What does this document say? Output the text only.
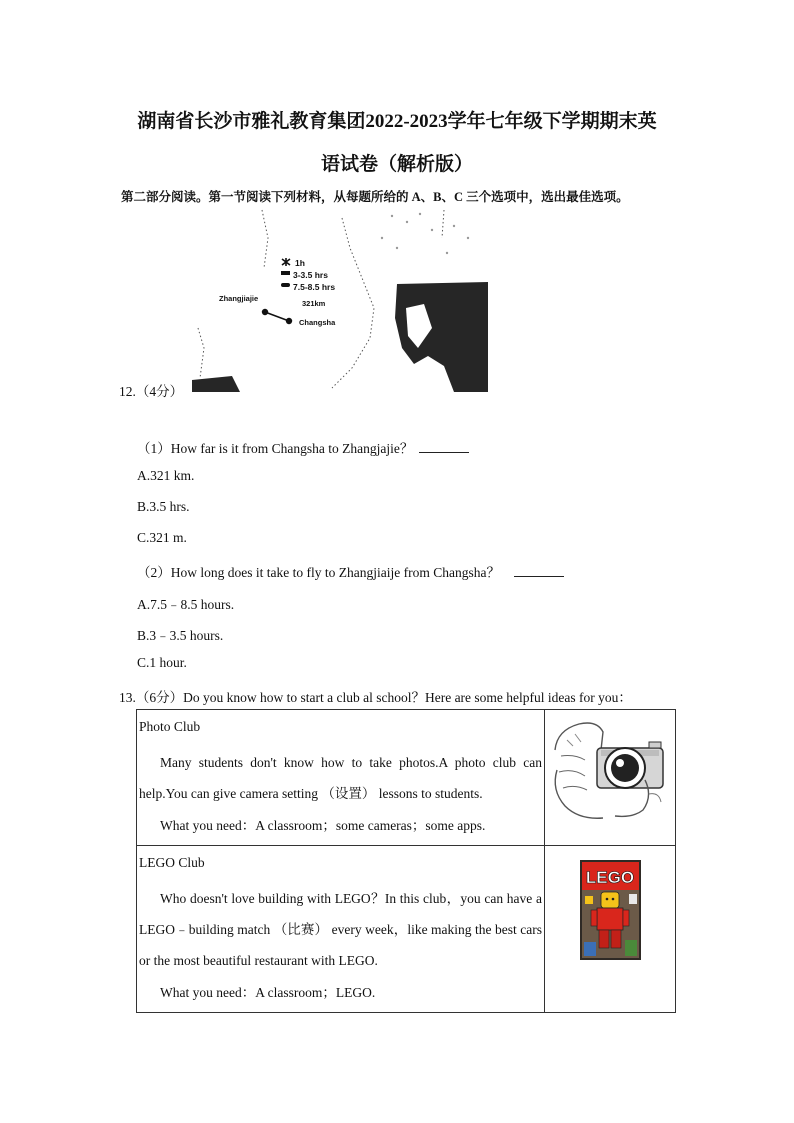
湖南省长沙市雅礼教育集团2022-2023学年七年级下学期期末英
语试卷（解析版）
第二部分阅读。第一节阅读下列材料，从每题所给的 A、B、C 三个选项中，选出最佳选项。
1h
3-3.5 hrs
7.5-8.5 hrs
Zhangjiajie
321km
Changsha
12.（4分）
（1）How far is it from Changsha to Zhangjajie？
A.321 km.
B.3.5 hrs.
C.321 m.
（2）How long does it take to fly to Zhangjiaije from Changsha？
A.7.5﹣8.5 hours.
B.3﹣3.5 hours.
C.1 hour.
13.（6分）Do you know how to start a club al school？Here are some helpful ideas for you：
Photo Club
Many students don't know how to take photos.A photo club can help.You can give camera setting （设置） lessons to students.
What you need：A classroom；some cameras；some apps.

LEGO Club
Who doesn't love building with LEGO？In this club，you can have a LEGO﹣building match （比赛） every week，like making the best cars or the most beautiful restaurant with LEGO.
What you need：A classroom；LEGO.	LEGO
